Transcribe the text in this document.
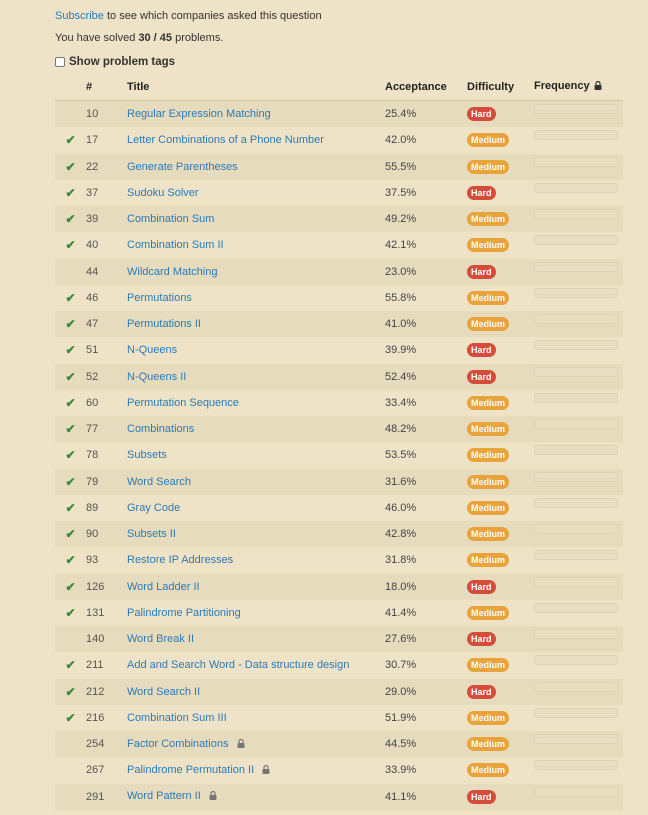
Subscribe to see which companies asked this question
You have solved 30 / 45 problems.
Show problem tags
	#	Title	Acceptance	Difficulty	Frequency
	10	Regular Expression Matching	25.4%	Hard	

✔	17	Letter Combinations of a Phone Number	42.0%	Medium	

✔	22	Generate Parentheses	55.5%	Medium	

✔	37	Sudoku Solver	37.5%	Hard	

✔	39	Combination Sum	49.2%	Medium	

✔	40	Combination Sum II	42.1%	Medium	

	44	Wildcard Matching	23.0%	Hard	

✔	46	Permutations	55.8%	Medium	

✔	47	Permutations II	41.0%	Medium	

✔	51	N-Queens	39.9%	Hard	

✔	52	N-Queens II	52.4%	Hard	

✔	60	Permutation Sequence	33.4%	Medium	

✔	77	Combinations	48.2%	Medium	

✔	78	Subsets	53.5%	Medium	

✔	79	Word Search	31.6%	Medium	

✔	89	Gray Code	46.0%	Medium	

✔	90	Subsets II	42.8%	Medium	

✔	93	Restore IP Addresses	31.8%	Medium	

✔	126	Word Ladder II	18.0%	Hard	

✔	131	Palindrome Partitioning	41.4%	Medium	

	140	Word Break II	27.6%	Hard	

✔	211	Add and Search Word - Data structure design	30.7%	Medium	

✔	212	Word Search II	29.0%	Hard	

✔	216	Combination Sum III	51.9%	Medium	

	254	Factor Combinations	44.5%	Medium	

	267	Palindrome Permutation II	33.9%	Medium	

	291	Word Pattern II	41.1%	Hard	
